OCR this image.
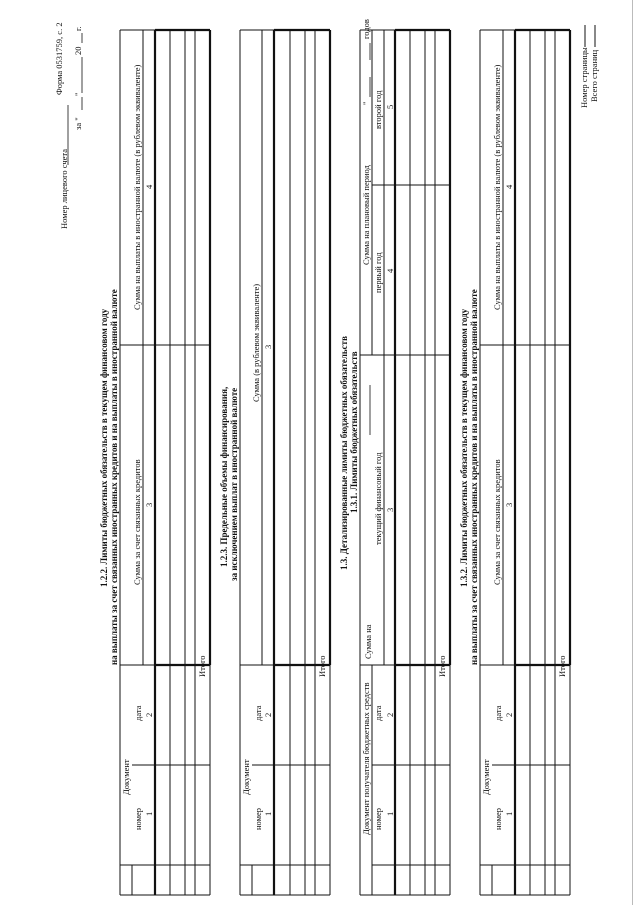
Форма 0531759, с. 2
Номер лицевого счета
за "
"
20
г.
1.2.2. Лимиты бюджетных обязательств в текущем финансовом году на выплаты за счет связанных иностранных кредитов и на выплаты в иностранной валюте
Документ
номер
дата
Сумма за счет связанных кредитов
Сумма на выплаты в иностранной валюте (в рублевом эквиваленте)
1
2
3
4
Итого
1.2.3. Предельные объемы финансирования, за исключением выплат в иностранной валюте
Документ
номер
дата
Сумма (в рублевом эквиваленте)
1
2
3
Итого
1.3. Детализированные лимиты бюджетных обязательств 1.3.1. Лимиты бюджетных обязательств
Документ получателя бюджетных средств
Сумма на
Сумма на плановый период
"
годов
номер
дата
текущий финансовый год
первый год
второй год
1
2
3
4
5
Итого
1.3.2. Лимиты бюджетных обязательств в текущем финансовом году на выплаты за счет связанных иностранных кредитов и на выплаты в иностранной валюте
Документ
номер
дата
Сумма за счет связанных кредитов
Сумма на выплаты в иностранной валюте (в рублевом эквиваленте)
1
2
3
4
Итого
Номер страницы Всего страниц
